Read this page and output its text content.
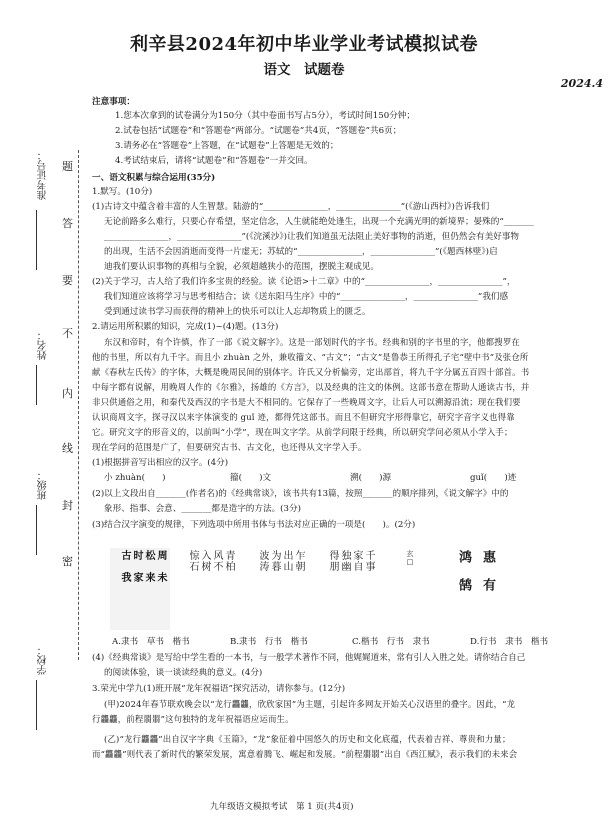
准考证号：
姓名：
班级：
学校：
题
答
要
不
内
线
封
密
利辛县2024年初中毕业学业考试模拟试卷
语文　试题卷
2024.4
注意事项：
1.您本次拿到的试卷满分为150分（其中卷面书写占5分），考试时间150分钟；
2.试卷包括“试题卷”和“答题卷”两部分。“试题卷”共4页，“答题卷”共6页；
3.请务必在“答题卷”上答题，在“试题卷”上答题是无效的；
4.考试结束后，请将“试题卷”和“答题卷”一并交回。
一、语文积累与综合运用(35分)
1.默写。(10分)
(1)古诗文中蕴含着丰富的人生智慧。陆游的“_______________，_______________”(《游山西村》)告诉我们
无论前路多么难行，只要心存希望，坚定信念，人生就能绝处逢生，出现一个充满光明的新境界；晏殊的“_______
_______________，_______________”(《浣溪沙》)让我们知道虽无法阻止美好事物的消逝，但仍然会有美好事物
的出现，生活不会因消逝而变得一片虚无；苏轼的“_______________，_______________”(《题西林壁》)启
迪我们要认识事物的真相与全貌，必须超越狭小的范围，摆脱主观成见。
(2)关于学习，古人给了我们许多宝贵的经验。读《论语>十二章》中的“_______________，_______________”，
我们知道应该将学习与思考相结合；读《送东阳马生序》中的“_______________，_______________”我们感
受到通过读书学习而获得的精神上的快乐可以让人忘却物质上的匮乏。
2.请运用所积累的知识，完成(1)~(4)题。(13分)
东汉和帝时，有个许慎，作了一部《说文解字》。这是一部划时代的字书。经典和别的字书里的字，他都搜罗在
他的书里，所以有九千字。而且小 zhuàn 之外，兼收籀文、“古文”；“古文”是鲁恭王所得孔子宅“壁中书”及张仓所
献《春秋左氏传》的字体，大概是晚周民间的别体字。许氏又分析偏旁，定出部首，将九千字分属五百四十部首。书
中每字都有说解，用晚周人作的《尔雅》，扬雄的《方言》，以及经典的注文的体例。这部书意在帮助人通读古书，并
非只供通俗之用，和秦代及西汉的字书是大不相同的。它保存了一些晚周文字，让后人可以溯源沿流；现在我们要
认识商周文字，探寻汉以来字体演变的 guǐ 迹，都得凭这部书。而且不但研究字形得靠它，研究字音字义也得靠
它。研究文字的形音义的，以前叫“小学”，现在叫文字学。从前学问限于经典，所以研究学问必须从小学入手；
现在学问的范围是广了，但要研究古书、古文化，也还得从文字学入手。
(1)根据拼音写出相应的汉字。(4分)
小 zhuàn(　　)	籀(　　)文	溯(　　)源	guǐ(　　)迹
(2)以上文段出自_______(作者名)的《经典常谈》，该书共有13篇，按照_______的顺序排列，《说文解字》中的
象形、指事、会意、_______都是造字的方法。(3分)
(3)结合汉字演变的规律，下列选项中所用书体与书法对应正确的一项是(　　)。(2分)
周　未
松　来
时　家
古　我	青柏
风不
入树
惊石	乍朝
出山
为暮
波涛	千事
家自
独幽
得朋	玄□	惠　有
鸿　鹄
A.隶书　草书　楷书	B.隶书　行书　楷书	C.楷书　行书　隶书	D.行书　隶书　楷书
(4)《经典常谈》是写给中学生看的一本书，与一般学术著作不同，他娓娓道来，常有引人入胜之处。请你结合自己
的阅读体验，谈一谈读经典的意义。(4分)
3.荣光中学九(1)班开展“龙年祝福语”探究活动，请你参与。(12分)
(甲)2024年春节联欢晚会以“龙行龘龘，欣欣家国”为主题，引起许多网友开始关心汉语里的叠字。因此，“龙
行龘龘，前程朤朤”这句独特的龙年祝福语应运而生。
(乙)“龙行龘龘”出自汉字字典《玉篇》，“龙”象征着中国悠久的历史和文化底蕴，代表着吉祥、尊贵和力量；
而“龘龘”则代表了新时代的繁荣发展，寓意着腾飞、崛起和发展。“前程朤朤”出自《西江赋》，表示我们的未来会
九年级语文模拟考试　第 1 页(共4页)
